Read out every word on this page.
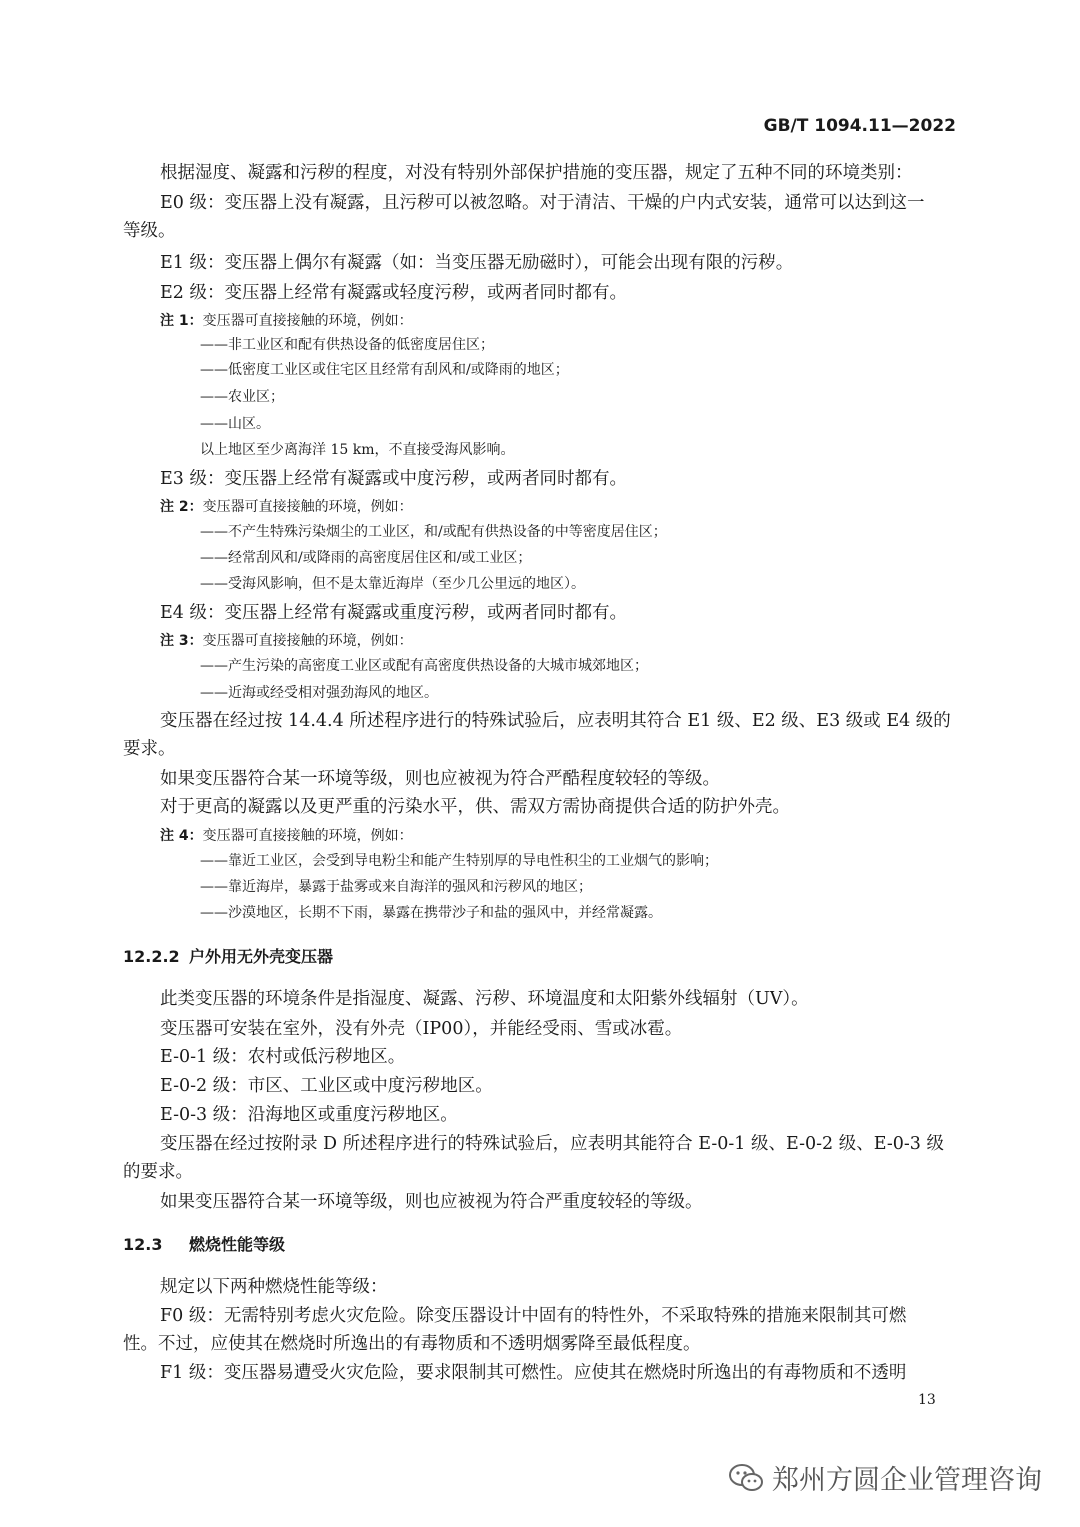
GB/T 1094.11—2022
根据湿度、凝露和污秽的程度，对没有特别外部保护措施的变压器，规定了五种不同的环境类别：
E0 级：变压器上没有凝露，且污秽可以被忽略。对于清洁、干燥的户内式安装，通常可以达到这一
等级。
E1 级：变压器上偶尔有凝露（如：当变压器无励磁时），可能会出现有限的污秽。
E2 级：变压器上经常有凝露或轻度污秽，或两者同时都有。
注 1：变压器可直接接触的环境，例如：
——非工业区和配有供热设备的低密度居住区；
——低密度工业区或住宅区且经常有刮风和/或降雨的地区；
——农业区；
——山区。
以上地区至少离海洋 15 km，不直接受海风影响。
E3 级：变压器上经常有凝露或中度污秽，或两者同时都有。
注 2：变压器可直接接触的环境，例如：
——不产生特殊污染烟尘的工业区，和/或配有供热设备的中等密度居住区；
——经常刮风和/或降雨的高密度居住区和/或工业区；
——受海风影响，但不是太靠近海岸（至少几公里远的地区）。
E4 级：变压器上经常有凝露或重度污秽，或两者同时都有。
注 3：变压器可直接接触的环境，例如：
——产生污染的高密度工业区或配有高密度供热设备的大城市城郊地区；
——近海或经受相对强劲海风的地区。
变压器在经过按 14.4.4 所述程序进行的特殊试验后，应表明其符合 E1 级、E2 级、E3 级或 E4 级的
要求。
如果变压器符合某一环境等级，则也应被视为符合严酷程度较轻的等级。
对于更高的凝露以及更严重的污染水平，供、需双方需协商提供合适的防护外壳。
注 4：变压器可直接接触的环境，例如：
——靠近工业区，会受到导电粉尘和能产生特别厚的导电性积尘的工业烟气的影响；
——靠近海岸，暴露于盐雾或来自海洋的强风和污秽风的地区；
——沙漠地区，长期不下雨，暴露在携带沙子和盐的强风中，并经常凝露。
12.2.2 户外用无外壳变压器
此类变压器的环境条件是指湿度、凝露、污秽、环境温度和太阳紫外线辐射（UV）。
变压器可安装在室外，没有外壳（IP00），并能经受雨、雪或冰雹。
E-0-1 级：农村或低污秽地区。
E-0-2 级：市区、工业区或中度污秽地区。
E-0-3 级：沿海地区或重度污秽地区。
变压器在经过按附录 D 所述程序进行的特殊试验后，应表明其能符合 E-0-1 级、E-0-2 级、E-0-3 级
的要求。
如果变压器符合某一环境等级，则也应被视为符合严重度较轻的等级。
12.3 燃烧性能等级
规定以下两种燃烧性能等级：
F0 级：无需特别考虑火灾危险。除变压器设计中固有的特性外，不采取特殊的措施来限制其可燃
性。不过，应使其在燃烧时所逸出的有毒物质和不透明烟雾降至最低程度。
F1 级：变压器易遭受火灾危险，要求限制其可燃性。应使其在燃烧时所逸出的有毒物质和不透明
13
郑州方圆企业管理咨询
